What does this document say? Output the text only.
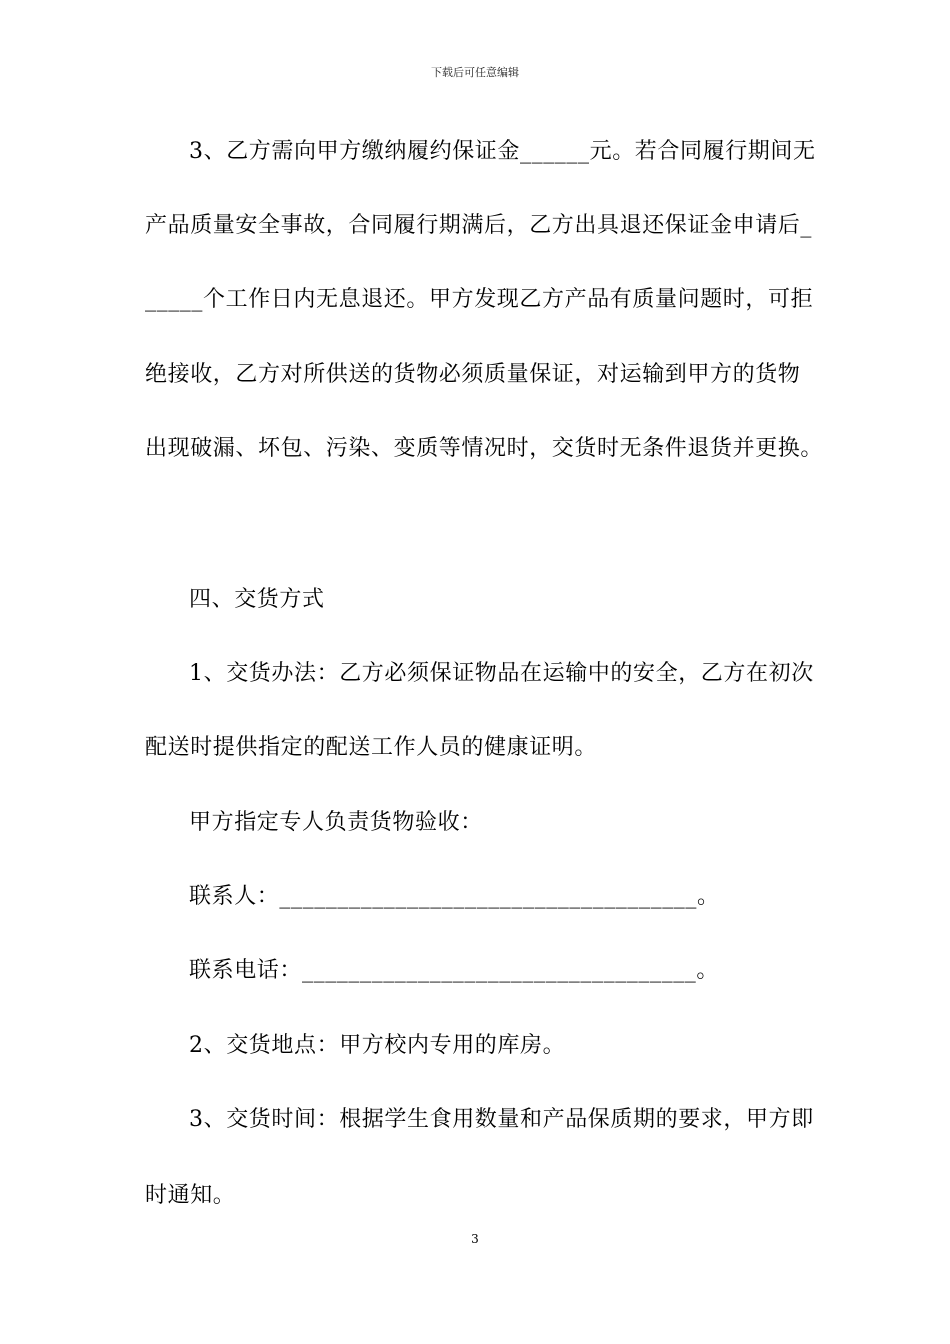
下载后可任意编辑
3、乙方需向甲方缴纳履约保证金______元。若合同履行期间无
产品质量安全事故，合同履行期满后，乙方出具退还保证金申请后_
_____个工作日内无息退还。甲方发现乙方产品有质量问题时，可拒
绝接收，乙方对所供送的货物必须质量保证，对运输到甲方的货物
出现破漏、坏包、污染、变质等情况时，交货时无条件退货并更换。
四、交货方式
1、交货办法：乙方必须保证物品在运输中的安全，乙方在初次
配送时提供指定的配送工作人员的健康证明。
甲方指定专人负责货物验收：
联系人：____________________________________。
联系电话：__________________________________。
2、交货地点：甲方校内专用的库房。
3、交货时间：根据学生食用数量和产品保质期的要求，甲方即
时通知。
3
